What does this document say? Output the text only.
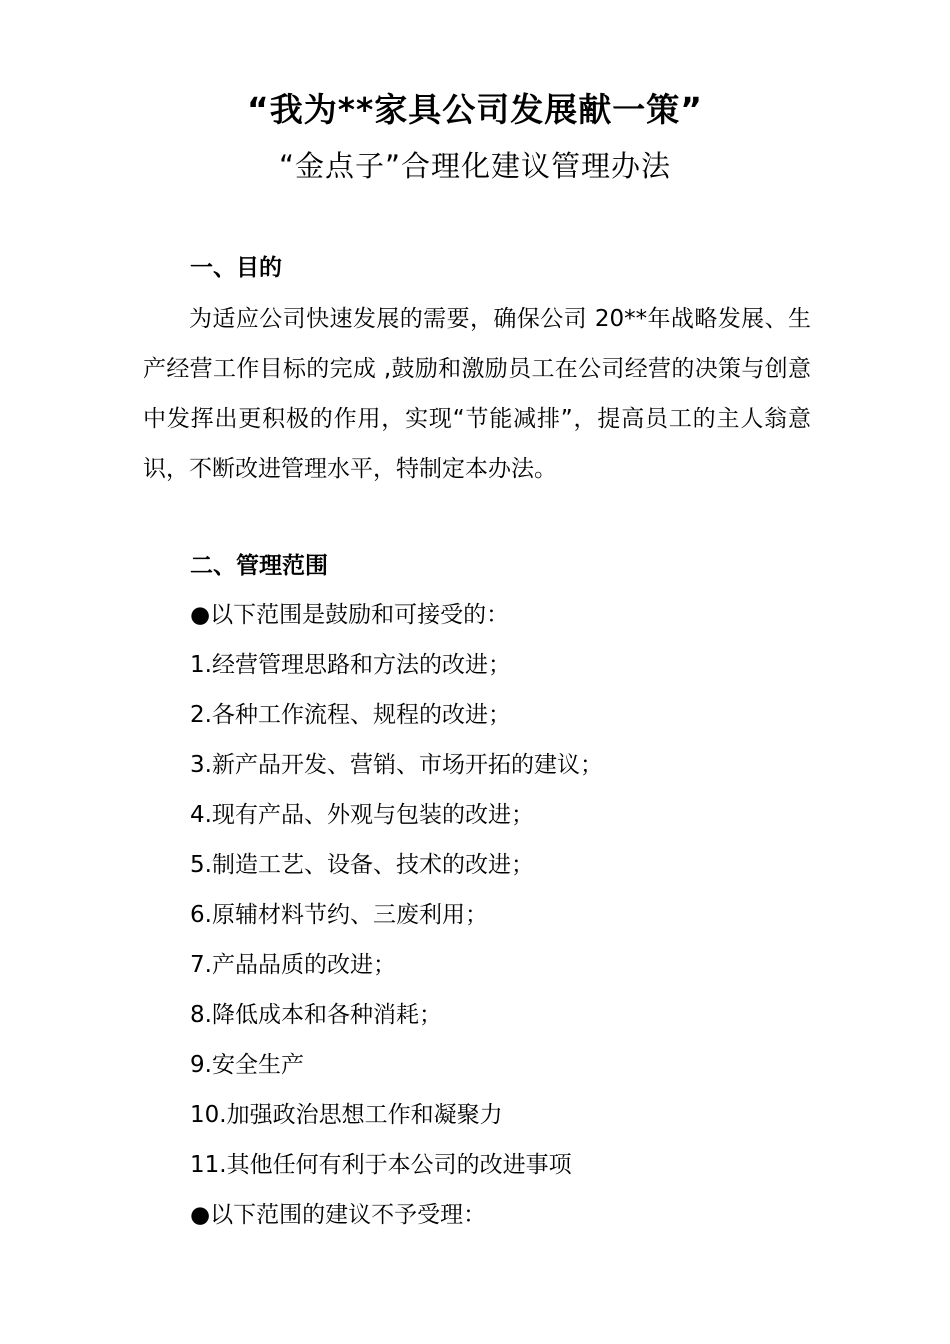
“我为**家具公司发展献一策”
“金点子”合理化建议管理办法
一、目的

为适应公司快速发展的需要，确保公司 20**年战略发展、生产经营工作目标的完成 ,鼓励和激励员工在公司经营的决策与创意中发挥出更积极的作用，实现“节能减排”，提高员工的主人翁意识，不断改进管理水平，特制定本办法。

二、管理范围
●以下范围是鼓励和可接受的：
1.经营管理思路和方法的改进；
2.各种工作流程、规程的改进；
3.新产品开发、营销、市场开拓的建议；
4.现有产品、外观与包装的改进；
5.制造工艺、设备、技术的改进；
6.原辅材料节约、三废利用；
7.产品品质的改进；
8.降低成本和各种消耗；
9.安全生产
10.加强政治思想工作和凝聚力
11.其他任何有利于本公司的改进事项
●以下范围的建议不予受理：
